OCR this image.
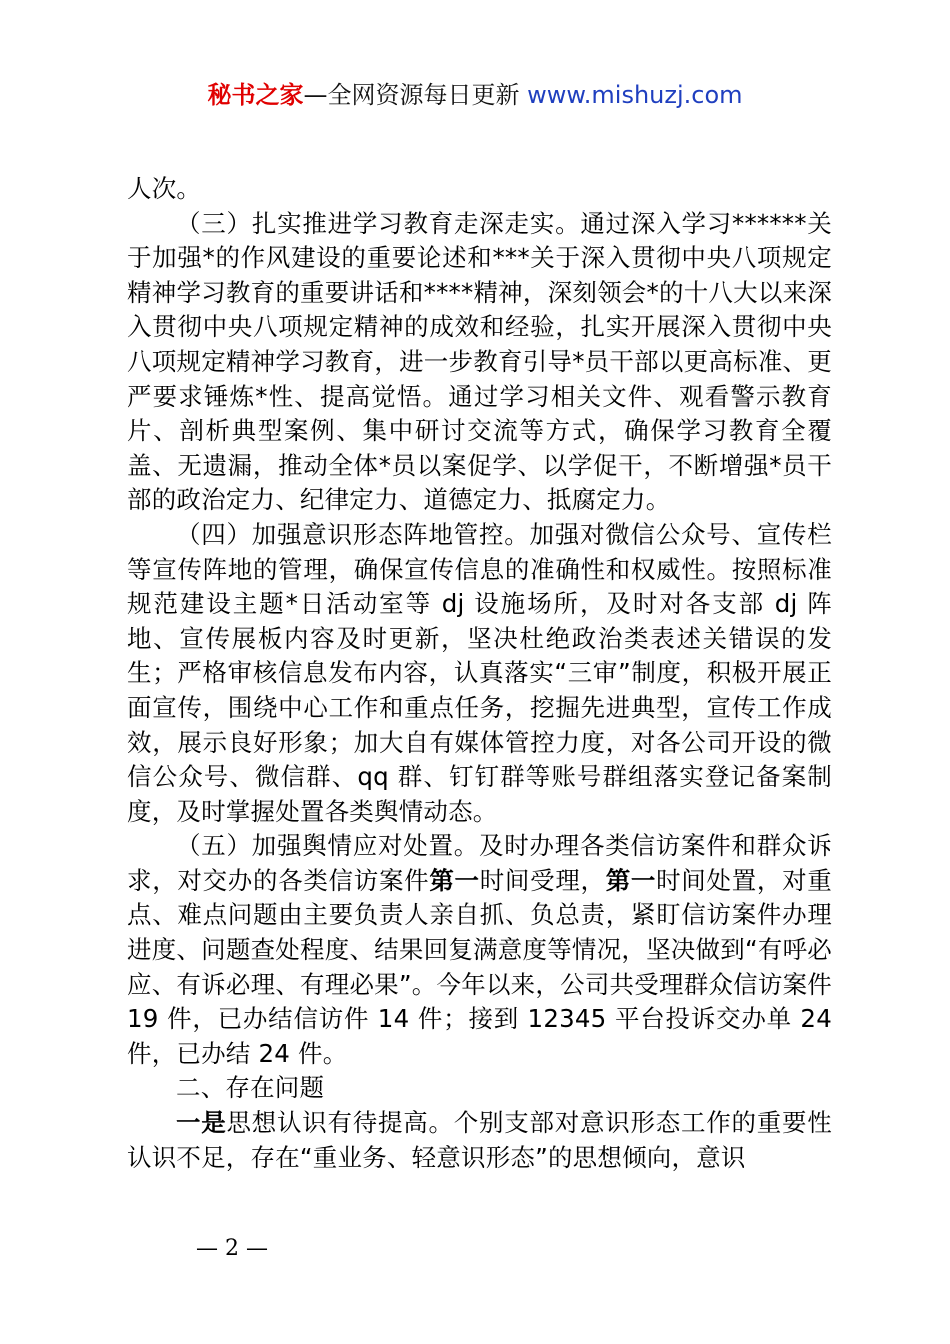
秘书之家—全网资源每日更新 www.mishuzj.com

人次。

（三）扎实推进学习教育走深走实。通过深入学习******关于加强*的作风建设的重要论述和***关于深入贯彻中央八项规定精神学习教育的重要讲话和****精神，深刻领会*的十八大以来深入贯彻中央八项规定精神的成效和经验，扎实开展深入贯彻中央八项规定精神学习教育，进一步教育引导*员干部以更高标准、更严要求锤炼*性、提高觉悟。通过学习相关文件、观看警示教育片、剖析典型案例、集中研讨交流等方式，确保学习教育全覆盖、无遗漏，推动全体*员以案促学、以学促干，不断增强*员干部的政治定力、纪律定力、道德定力、抵腐定力。

（四）加强意识形态阵地管控。加强对微信公众号、宣传栏等宣传阵地的管理，确保宣传信息的准确性和权威性。按照标准规范建设主题*日活动室等 dj 设施场所，及时对各支部 dj 阵地、宣传展板内容及时更新，坚决杜绝政治类表述关错误的发生；严格审核信息发布内容，认真落实“三审”制度，积极开展正面宣传，围绕中心工作和重点任务，挖掘先进典型，宣传工作成效，展示良好形象；加大自有媒体管控力度，对各公司开设的微信公众号、微信群、qq 群、钉钉群等账号群组落实登记备案制度，及时掌握处置各类舆情动态。

（五）加强舆情应对处置。及时办理各类信访案件和群众诉求，对交办的各类信访案件第一时间受理，第一时间处置，对重点、难点问题由主要负责人亲自抓、负总责，紧盯信访案件办理进度、问题查处程度、结果回复满意度等情况，坚决做到“有呼必应、有诉必理、有理必果”。今年以来，公司共受理群众信访案件 19 件，已办结信访件 14 件；接到 12345 平台投诉交办单 24 件，已办结 24 件。

二、存在问题

一是思想认识有待提高。个别支部对意识形态工作的重要性认识不足，存在“重业务、轻意识形态”的思想倾向，意识

— 2 —
